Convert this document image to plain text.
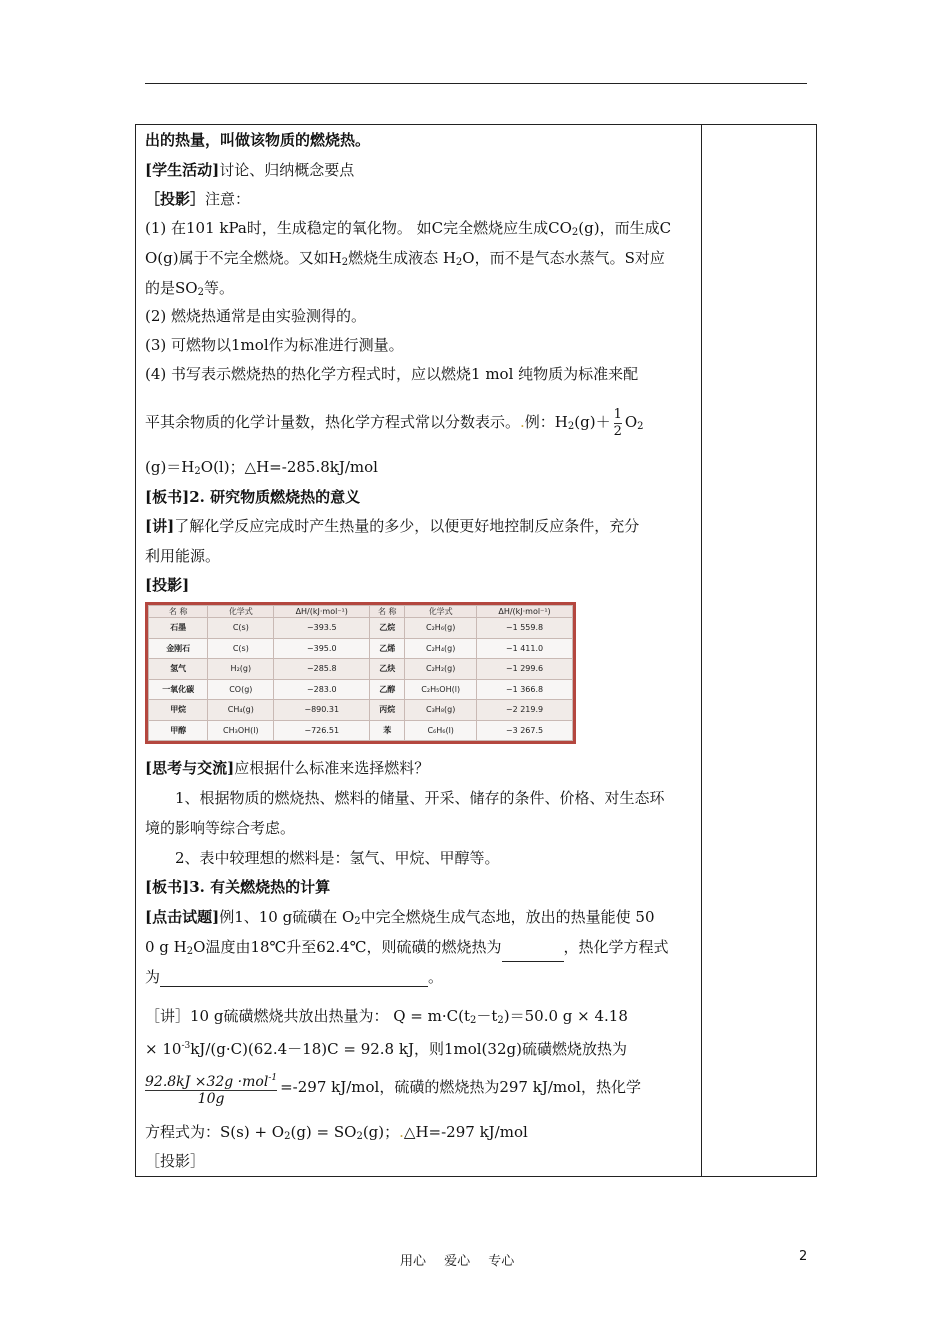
出的热量，叫做该物质的燃烧热。
[学生活动]讨论、归纳概念要点
［投影］注意：
(1) 在101 kPa时，生成稳定的氧化物。 如C完全燃烧应生成$CO_2(g)$，而生成C
O(g)属于不完全燃烧。又如$H_2$燃烧生成液态 $H_2O$，而不是气态水蒸气。S对应
的是$SO_2$等。
(2) 燃烧热通常是由实验测得的。
(3) 可燃物以1mol作为标准进行测量。
(4) 书写表示燃烧热的热化学方程式时，应以燃烧1 mol 纯物质为标准来配
平其余物质的化学计量数，热化学方程式常以分数表示。.例：$H_2(g)+ \frac{1}{2} O_2$
$(g)=H_2O(l)$；△H=-285.8kJ/mol
[板书]2. 研究物质燃烧热的意义
[讲]了解化学反应完成时产生热量的多少，以便更好地控制反应条件，充分
利用能源。
[投影]
名 称	化学式	ΔH/(kJ·mol⁻¹)	名 称	化学式	ΔH/(kJ·mol⁻¹)
石墨	C(s)	−393.5	乙烷	C₂H₆(g)	−1 559.8
金刚石	C(s)	−395.0	乙烯	C₂H₄(g)	−1 411.0
氢气	H₂(g)	−285.8	乙炔	C₂H₂(g)	−1 299.6
一氧化碳	CO(g)	−283.0	乙醇	C₂H₅OH(l)	−1 366.8
甲烷	CH₄(g)	−890.31	丙烷	C₃H₈(g)	−2 219.9
甲醇	CH₃OH(l)	−726.51	苯	C₆H₆(l)	−3 267.5
[思考与交流]应根据什么标准来选择燃料？
1、根据物质的燃烧热、燃料的储量、开采、储存的条件、价格、对生态环
境的影响等综合考虑。
2、表中较理想的燃料是：氢气、甲烷、甲醇等。
[板书]3. 有关燃烧热的计算
[点击试题]例1、10 g硫磺在 $O_2$中完全燃烧生成气态地，放出的热量能使 50
0 g $H_2O$温度由18℃升至62.4℃，则硫磺的燃烧热为	，热化学方程式
为	。
［讲］10 g硫磺燃烧共放出热量为： $Q = m\cdot C(t_2-t_2)=50.0$ g × 4.18
× $10^{-3}kJ/(g\cdot C)(62.4-18)C = 92.8$ kJ，则1mol(32g)硫磺燃烧放热为
$\frac{92.8kJ \times 32g \cdot mol^{-1}}{10g} =-297$ kJ/mol，硫磺的燃烧热为297 kJ/mol，热化学
方程式为：$S(s) + O_2(g) = SO_2(g)$；.△H=-297 kJ/mol
［投影］
用心 爱心 专心	2
